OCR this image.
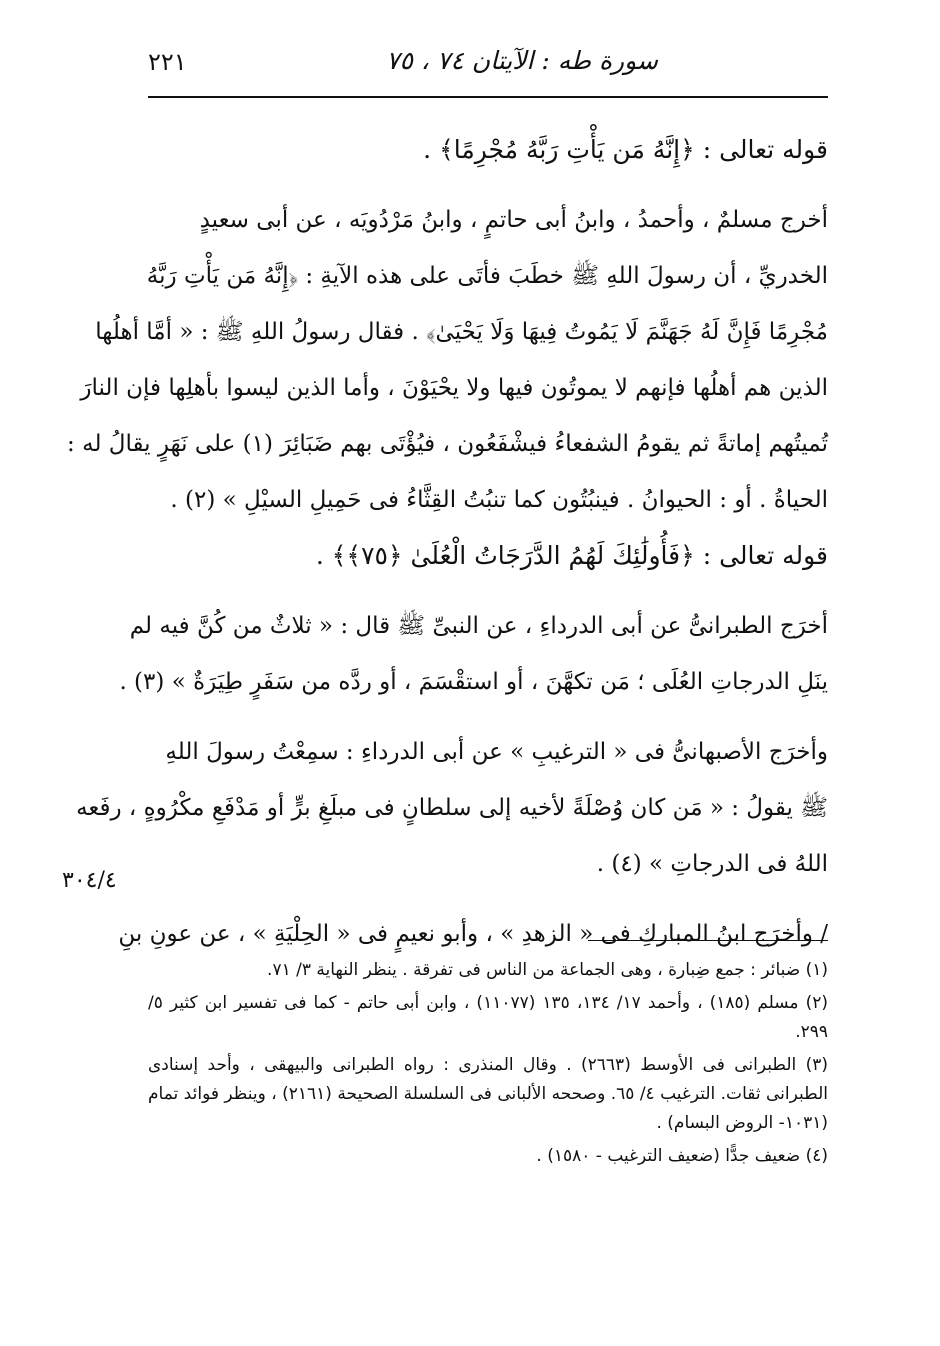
سورة طه : الآيتان ٧٤ ، ٧٥
٢٢١
قوله تعالى : ﴿إِنَّهُ مَن يَأْتِ رَبَّهُ مُجْرِمًا﴾ .
أخرج مسلمٌ ، وأحمدُ ، وابنُ أبى حاتمٍ ، وابنُ مَرْدُويَه ، عن أبى سعيدٍ
الخدريِّ ، أن رسولَ اللهِ ﷺ خطَبَ فأتَى على هذه الآيةِ : ﴿إِنَّهُ مَن يَأْتِ رَبَّهُ
مُجْرِمًا فَإِنَّ لَهُ جَهَنَّمَ لَا يَمُوتُ فِيهَا وَلَا يَحْيَىٰ﴾ . فقال رسولُ اللهِ ﷺ : « أمَّا أهلُها
الذين هم أهلُها فإنهم لا يموتُون فيها ولا يحْيَوْنَ ، وأما الذين ليسوا بأهلِها فإن النارَ
تُميتُهم إماتةً ثم يقومُ الشفعاءُ فيشْفَعُون ، فيُؤْتَى بهم ضَبَائِرَ (١) على نَهَرٍ يقالُ له :
الحياةُ . أو : الحيوانُ . فينبُتُون كما تنبُتُ القِثَّاءُ فى حَمِيلِ السيْلِ » (٢) .
قوله تعالى : ﴿فَأُولَٰئِكَ لَهُمُ الدَّرَجَاتُ الْعُلَىٰ ﴿٧٥﴾﴾ .
أخرَج الطبرانىُّ عن أبى الدرداءِ ، عن النبىِّ ﷺ قال : « ثلاثٌ من كُنَّ فيه لم
ينَلِ الدرجاتِ العُلَى ؛ مَن تكهَّنَ ، أو استقْسَمَ ، أو ردَّه من سَفَرٍ طِيَرَةٌ » (٣) .
وأخرَج الأصبهانىُّ فى « الترغيبِ » عن أبى الدرداءِ : سمِعْتُ رسولَ اللهِ
ﷺ يقولُ : « مَن كان وُصْلَةً لأخيه إلى سلطانٍ فى مبلَغِ برٍّ أو مَدْفَعِ مكْرُوهٍ ، رفَعه
اللهُ فى الدرجاتِ » (٤) .
/ وأخرَج ابنُ المباركِ فى « الزهدِ » ، وأبو نعيمٍ فى « الحِلْيَةِ » ، عن عونِ بنِ
٣٠٤/٤
(١) ضبائر : جمع ضِبارة ، وهى الجماعة من الناس فى تفرقة . ينظر النهاية ٣/ ٧١.
(٢) مسلم (١٨٥) ، وأحمد ١٧/ ١٣٤، ١٣٥ (١١٠٧٧) ، وابن أبى حاتم - كما فى تفسير ابن كثير ٥/ ٢٩٩.
(٣) الطبرانى فى الأوسط (٢٦٦٣) . وقال المنذرى : رواه الطبرانى والبيهقى ، وأحد إسنادى الطبرانى ثقات. الترغيب ٤/ ٦٥. وصححه الألبانى فى السلسلة الصحيحة (٢١٦١) ، وينظر فوائد تمام (١٠٣١- الروض البسام) .
(٤) ضعيف جدًّا (ضعيف الترغيب - ١٥٨٠) .
